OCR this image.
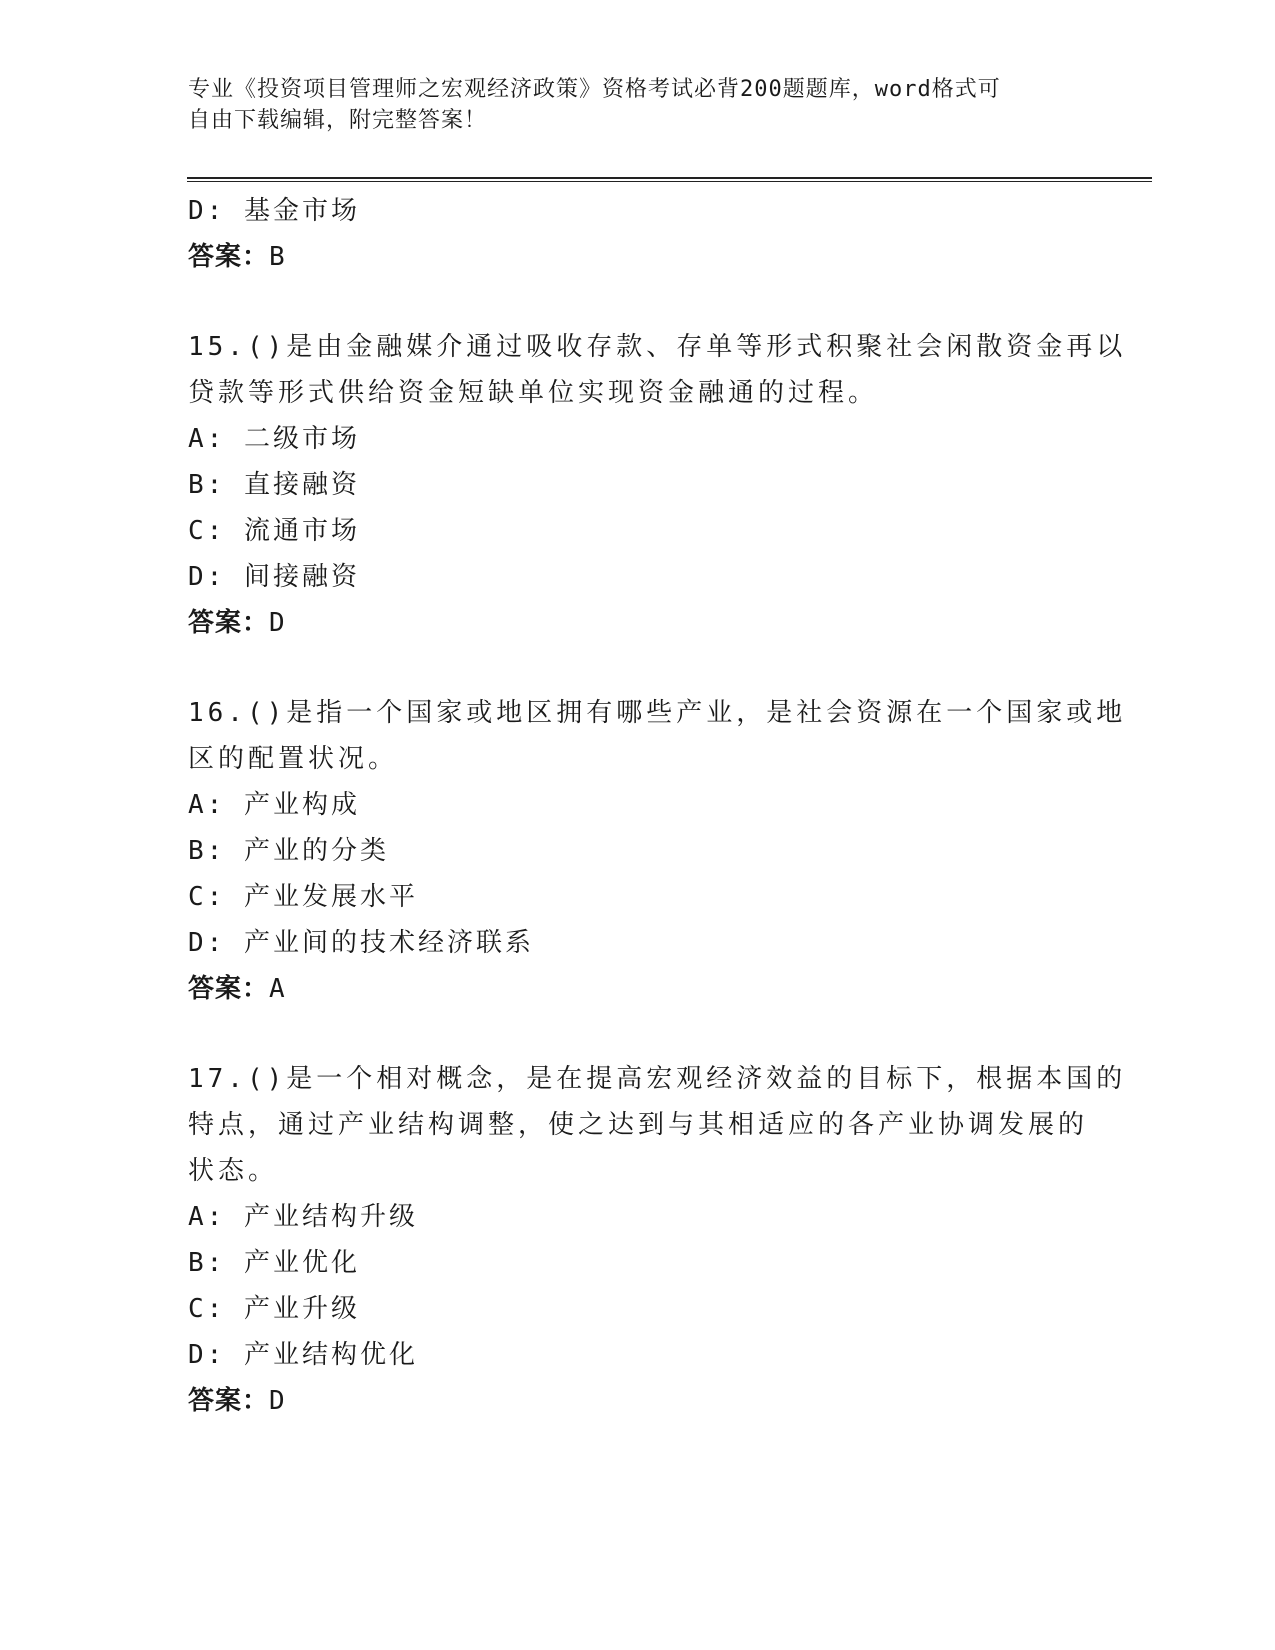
专业《投资项目管理师之宏观经济政策》资格考试必背200题题库，word格式可
自由下载编辑，附完整答案！
D: 基金市场
答案：B
15.()是由金融媒介通过吸收存款、存单等形式积聚社会闲散资金再以
贷款等形式供给资金短缺单位实现资金融通的过程。
A: 二级市场
B: 直接融资
C: 流通市场
D: 间接融资
答案：D
16.()是指一个国家或地区拥有哪些产业，是社会资源在一个国家或地
区的配置状况。
A: 产业构成
B: 产业的分类
C: 产业发展水平
D: 产业间的技术经济联系
答案：A
17.()是一个相对概念，是在提高宏观经济效益的目标下，根据本国的
特点，通过产业结构调整，使之达到与其相适应的各产业协调发展的
状态。
A: 产业结构升级
B: 产业优化
C: 产业升级
D: 产业结构优化
答案：D
